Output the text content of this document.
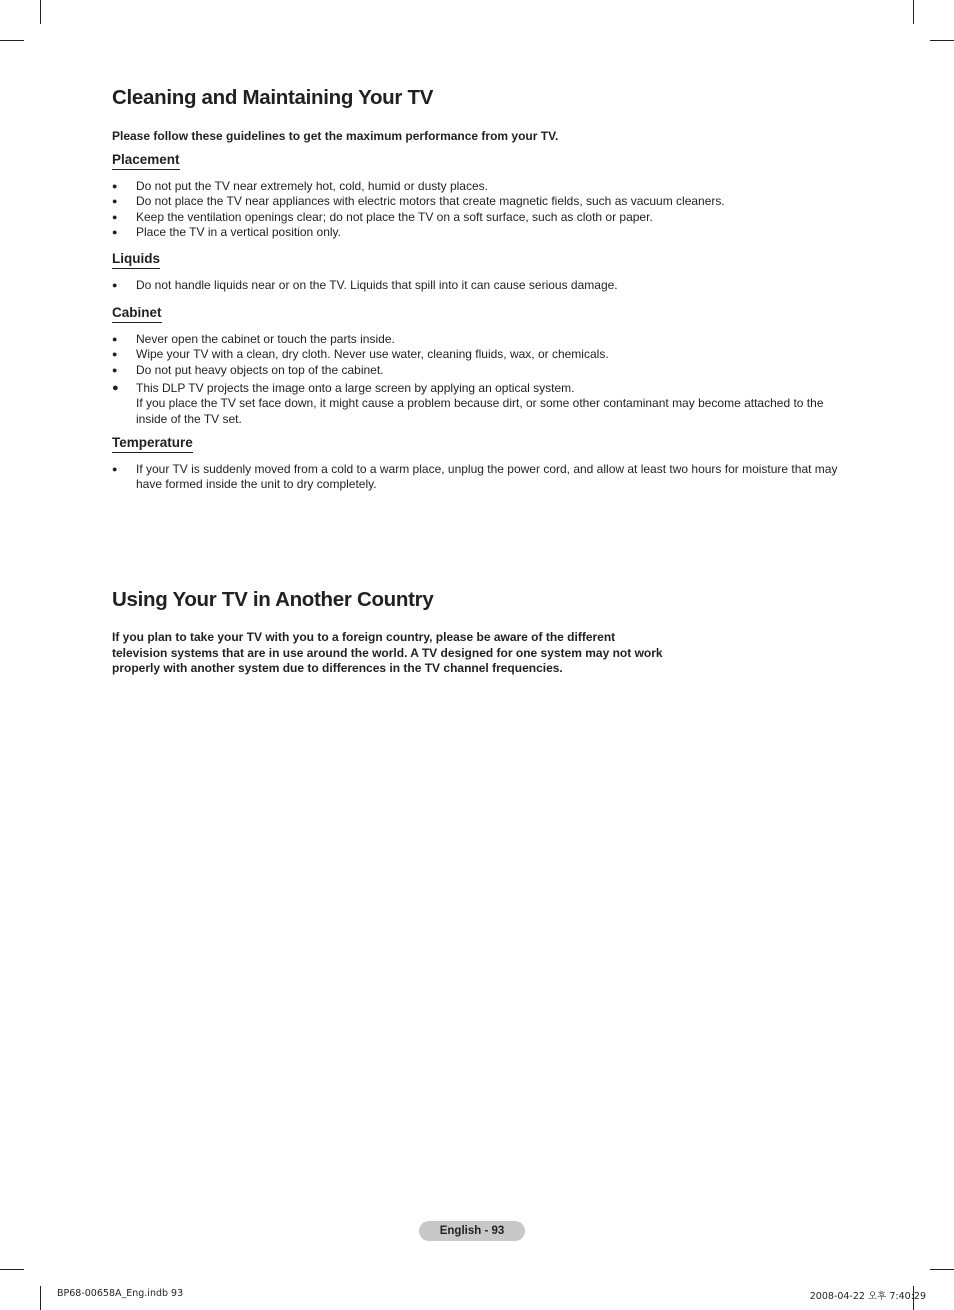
Cleaning and Maintaining Your TV

Please follow these guidelines to get the maximum performance from your TV.

Placement
● Do not put the TV near extremely hot, cold, humid or dusty places.
● Do not place the TV near appliances with electric motors that create magnetic fields, such as vacuum cleaners.
● Keep the ventilation openings clear; do not place the TV on a soft surface, such as cloth or paper.
● Place the TV in a vertical position only.
Liquids
● Do not handle liquids near or on the TV. Liquids that spill into it can cause serious damage.
Cabinet
● Never open the cabinet or touch the parts inside.
● Wipe your TV with a clean, dry cloth. Never use water, cleaning fluids, wax, or chemicals.
● Do not put heavy objects on top of the cabinet.
● This DLP TV projects the image onto a large screen by applying an optical system.
If you place the TV set face down, it might cause a problem because dirt, or some other contaminant may become attached to the inside of the TV set.
Temperature
● If your TV is suddenly moved from a cold to a warm place, unplug the power cord, and allow at least two hours for moisture that may have formed inside the unit to dry completely.
Using Your TV in Another Country

If you plan to take your TV with you to a foreign country, please be aware of the different
television systems that are in use around the world. A TV designed for one system may not work
properly with another system due to differences in the TV channel frequencies.

English - 93
BP68-00658A_Eng.indb 93	2008-04-22 오후 7:40:29
